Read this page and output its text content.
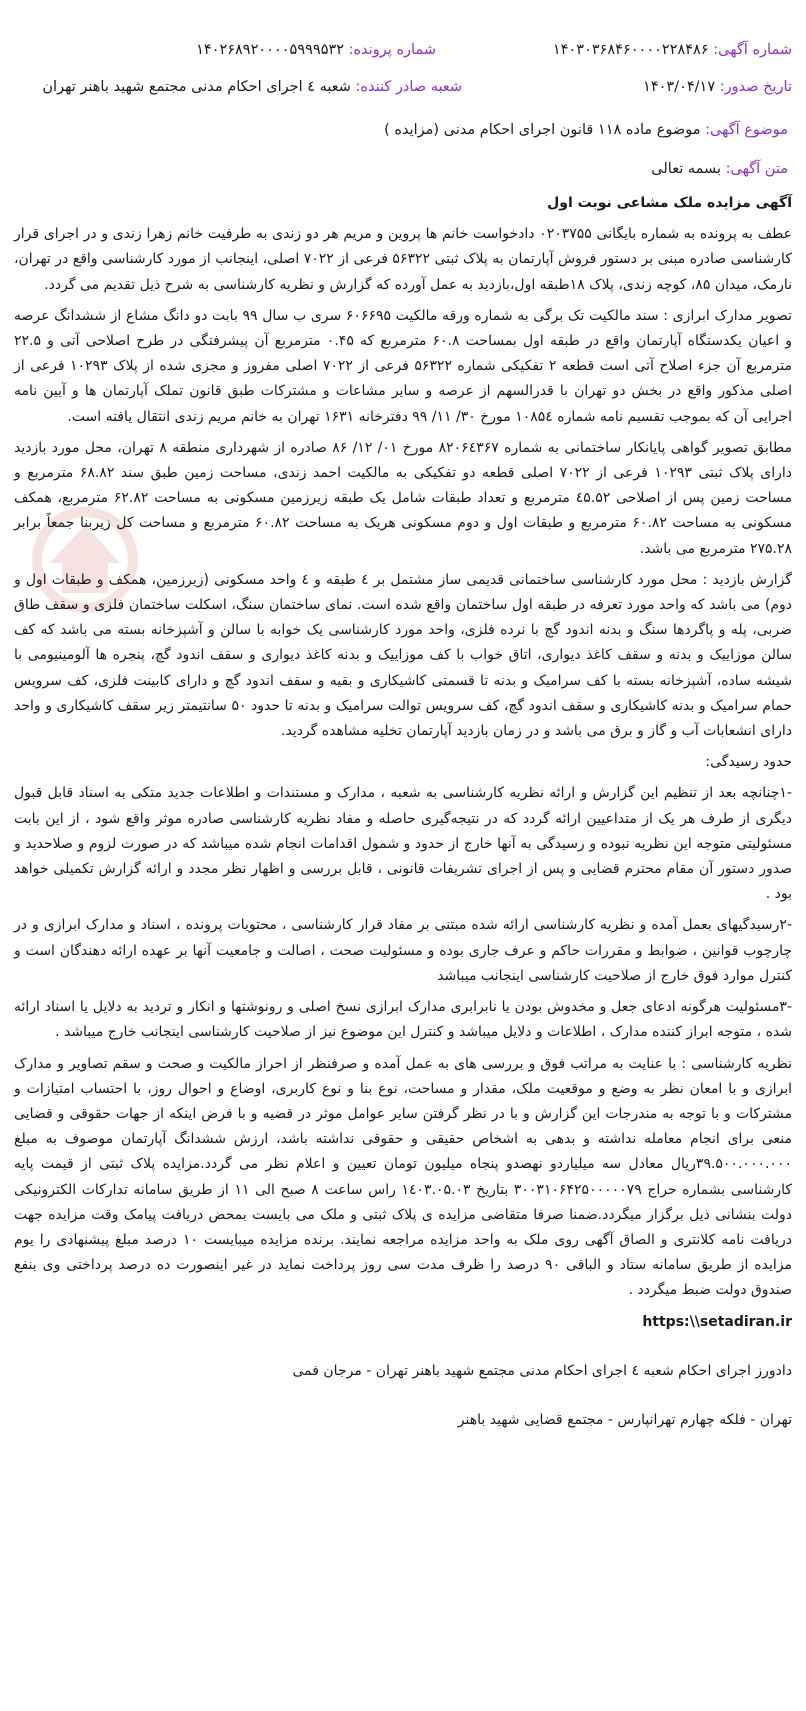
شماره آگهی: ۱۴۰۳۰۳۶۸۴۶۰۰۰۰۲۲۸۴۸۶
شماره پرونده: ۱۴۰۲۶۸۹۲۰۰۰۰۵۹۹۹۵۳۲
تاریخ صدور: ۱۴۰۳/۰۴/۱۷
شعبه صادر کننده: شعبه ٤ اجرای احکام مدنی مجتمع شهید باهنر تهران
موضوع آگهی: موضوع ماده ۱۱۸ قانون اجرای احکام مدنی (مزایده )
متن آگهی: بسمه تعالی

آگهی مزایده ملک مشاعی نوبت اول

عطف به پرونده به شماره بایگانی ۰۲۰۳۷۵۵ دادخواست خانم ها پروین و مریم هر دو زندی به طرفیت خانم زهرا زندی و در اجرای قرار کارشناسی صادره مبنی بر دستور فروش آپارتمان به پلاک ثبتی ۵۶۳۲۲ فرعی از ۷۰۲۲ اصلی، اینجانب از مورد کارشناسی واقع در تهران، نارمک، میدان ۸۵، کوچه زندی، پلاک ۱۸طبقه اول،بازدید به عمل آورده که گزارش و نظریه کارشناسی به شرح ذیل تقدیم می گردد.

تصویر مدارک ابرازی : سند مالکیت تک برگی به شماره ورقه مالکیت ۶۰۶۶۹۵ سری ب سال ۹۹ بابت دو دانگ مشاع از ششدانگ عرصه و اعیان یکدستگاه آپارتمان واقع در طبقه اول بمساحت ۶۰.۸ مترمربع که ۰.۴۵ مترمربع آن پیشرفتگی در طرح اصلاحی آتی و ۲۲.۵ مترمربع آن جزء اصلاح آتی است قطعه ۲ تفکیکی شماره ۵۶۳۲۲ فرعی از ۷۰۲۲ اصلی مفروز و مجزی شده از پلاک ۱۰۲۹۳ فرعی از اصلی مذکور واقع در بخش دو تهران با قدرالسهم از عرصه و سایر مشاعات و مشترکات طبق قانون تملک آپارتمان ها و آیین نامه اجرایی آن که بموجب تقسیم نامه شماره ۱۰۸۵٤ مورخ ۳۰/ ۱۱/ ۹۹ دفترخانه ۱۶۳۱ تهران به خانم مریم زندی انتقال یافته است.

مطابق تصویر گواهی پایانکار ساختمانی به شماره ۸۲۰۶٤۳۶۷ مورخ ۰۱/ ۱۲/ ۸۶ صادره از شهرداری منطقه ۸ تهران، محل مورد بازدید دارای پلاک ثبتی ۱۰۲۹۳ فرعی از ۷۰۲۲ اصلی قطعه دو تفکیکی به مالکیت احمد زندی، مساحت زمین طبق سند ۶۸.۸۲ مترمربع و مساحت زمین پس از اصلاحی ٤۵.۵۲ مترمربع و تعداد طبقات شامل یک طبقه زیرزمین مسکونی به مساحت ۶۲.۸۲ مترمربع، همکف مسکونی به مساحت ۶۰.۸۲ مترمربع و طبقات اول و دوم مسکونی هریک به مساحت ۶۰.۸۲ مترمربع و مساحت کل زیربنا جمعاً برابر ۲۷۵.۲۸ مترمربع می باشد.

گزارش بازدید : محل مورد کارشناسی ساختمانی قدیمی ساز مشتمل بر ٤ طبقه و ٤ واحد مسکونی (زیرزمین، همکف و طبقات اول و دوم) می باشد که واحد مورد تعرفه در طبقه اول ساختمان واقع شده است. نمای ساختمان سنگ، اسکلت ساختمان فلزی و سقف طاق ضربی، پله و پاگردها سنگ و بدنه اندود گچ با نرده فلزی، واحد مورد کارشناسی یک خوابه با سالن و آشپزخانه بسته می باشد که کف سالن موزاییک و بدنه و سقف کاغذ دیواری، اتاق خواب با کف موزاییک و بدنه کاغذ دیواری و سقف اندود گچ، پنجره ها آلومینیومی با شیشه ساده، آشپزخانه بسته با کف سرامیک و بدنه تا قسمتی کاشیکاری و بقیه و سقف اندود گچ و دارای کابینت فلزی، کف سرویس حمام سرامیک و بدنه کاشیکاری و سقف اندود گچ، کف سرویس توالت سرامیک و بدنه تا حدود ۵۰ سانتیمتر زیر سقف کاشیکاری و واحد دارای انشعابات آب و گاز و برق می باشد و در زمان بازدید آپارتمان تخلیه مشاهده گردید.

حدود رسیدگی:

-۱چنانچه بعد از تنظیم این گزارش و ارائه نظریه کارشناسی به شعبه ، مدارک و مستندات و اطلاعات جدید متکی به اسناد قابل قبول دیگری از طرف هر یک از متداعیین ارائه گردد که در نتیجه‌گیری حاصله و مفاد نظریه کارشناسی صادره موثر واقع شود ، از این بابت مسئولیتی متوجه این نظریه نبوده و رسیدگی به آنها خارج از حدود و شمول اقدامات انجام شده میباشد که در صورت لزوم و صلاحدید و صدور دستور آن مقام محترم قضایی و پس از اجرای تشریفات قانونی ، قابل بررسی و اظهار نظر مجدد و ارائه گزارش تکمیلی خواهد بود .

-۲رسیدگیهای بعمل آمده و نظریه کارشناسی ارائه شده مبتنی بر مفاد قرار کارشناسی ، محتویات پرونده ، اسناد و مدارک ابرازی و در چارچوب قوانین ، ضوابط و مقررات حاکم و عرف جاری بوده و مسئولیت صحت ، اصالت و جامعیت آنها بر عهده ارائه دهندگان است و کنترل موارد فوق خارج از صلاحیت کارشناسی اینجانب میباشد

-۳مسئولیت هرگونه ادعای جعل و مخدوش بودن یا نابرابری مدارک ابرازی نسخ اصلی و رونوشتها و انکار و تردید به دلایل یا اسناد ارائه شده ، متوجه ابراز کننده مدارک ، اطلاعات و دلایل میباشد و کنترل این موضوع نیز از صلاحیت کارشناسی اینجانب خارج میباشد .

نظریه کارشناسی : با عنایت به مراتب فوق و بررسی های به عمل آمده و صرفنظر از احراز مالکیت و صحت و سقم تصاویر و مدارک ابرازی و با امعان نظر به وضع و موقعیت ملک، مقدار و مساحت، نوع بنا و نوع کاربری، اوضاع و احوال روز، با احتساب امتیازات و مشترکات و با توجه به مندرجات این گزارش و با در نظر گرفتن سایر عوامل موثر در قضیه و با فرض اینکه از جهات حقوقی و قضایی منعی برای انجام معامله نداشته و بدهی به اشخاص حقیقی و حقوقی نداشته باشد، ارزش ششدانگ آپارتمان موصوف به مبلغ ۳۹.۵۰۰.۰۰۰.۰۰۰ریال معادل سه میلیاردو نهصدو پنجاه میلیون تومان تعیین و اعلام نظر می گردد.مزایده پلاک ثبتی از قیمت پایه کارشناسی بشماره حراج ۳۰۰۳۱۰۶۴۲۵۰۰۰۰۰۷۹ بتاریخ ۱٤۰۳.۰۵.۰۳ راس ساعت ۸ صبح الی ۱۱ از طریق سامانه تدارکات الکترونیکی دولت بنشانی ذیل برگزار میگردد.ضمنا صرفا متقاضی مزایده ی پلاک ثبتی و ملک می بایست بمحض دریافت پیامک وقت مزایده جهت دریافت نامه کلانتری و الصاق آگهی روی ملک به واحد مزایده مراجعه نمایند. برنده مزایده میبایست ۱۰ درصد مبلغ پیشنهادی را یوم مزایده از طریق سامانه ستاد و الباقی ۹۰ درصد را ظرف مدت سی روز پرداخت نماید در غیر اینصورت ده درصد پرداختی وی بنفع صندوق دولت ضبط میگردد .

https:\\setadiran.ir

دادورز اجرای احکام شعبه ٤ اجرای احکام مدنی مجتمع شهید باهنر تهران - مرجان فمی

تهران - فلکه چهارم تهرانپارس - مجتمع قضایی شهید باهنر
